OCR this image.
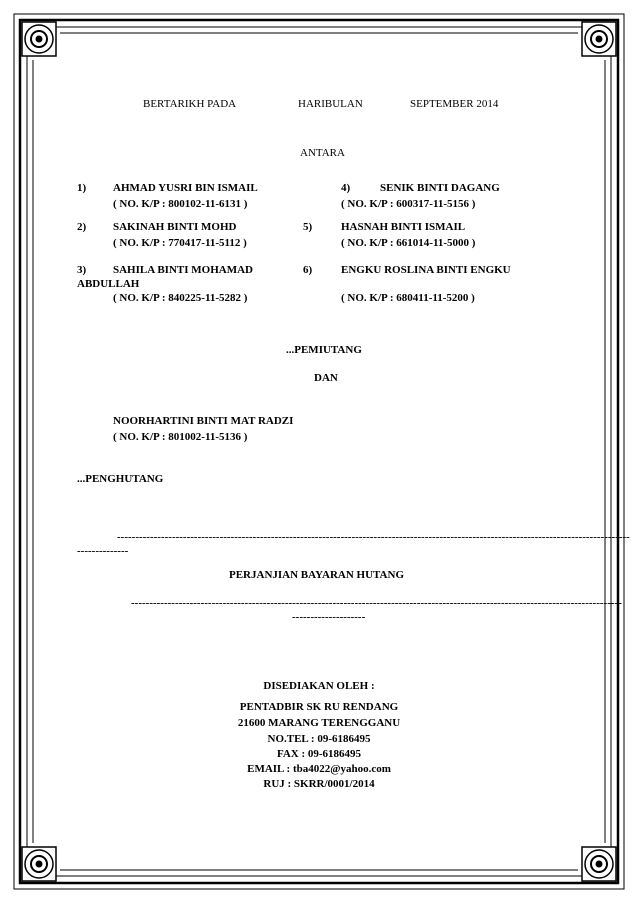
BERTARIKH PADA	HARIBULAN	SEPTEMBER 2014
ANTARA
1) AHMAD YUSRI BIN ISMAIL
( NO. K/P : 800102-11-6131 )
2) SAKINAH BINTI MOHD
( NO. K/P : 770417-11-5112 )
3) SAHILA BINTI MOHAMAD
ABDULLAH
( NO. K/P : 840225-11-5282 )
4)	SENIK BINTI DAGANG
( NO. K/P : 600317-11-5156 )
5)	HASNAH BINTI ISMAIL
( NO. K/P : 661014-11-5000 )
6)	ENGKU ROSLINA BINTI ENGKU
( NO. K/P : 680411-11-5200 )
...PEMIUTANG
DAN
NOORHARTINI BINTI MAT RADZI
( NO. K/P : 801002-11-5136 )
...PENGHUTANG
--------------------------------------------------------------------------------------------------------------------------------------------
--------------
PERJANJIAN BAYARAN HUTANG
--------------------------------------------------------------------------------------------------------------------------------------
--------------------
DISEDIAKAN OLEH :
PENTADBIR SK RU RENDANG
21600 MARANG TERENGGANU
NO.TEL : 09-6186495
FAX : 09-6186495
EMAIL : tba4022@yahoo.com
RUJ : SKRR/0001/2014
